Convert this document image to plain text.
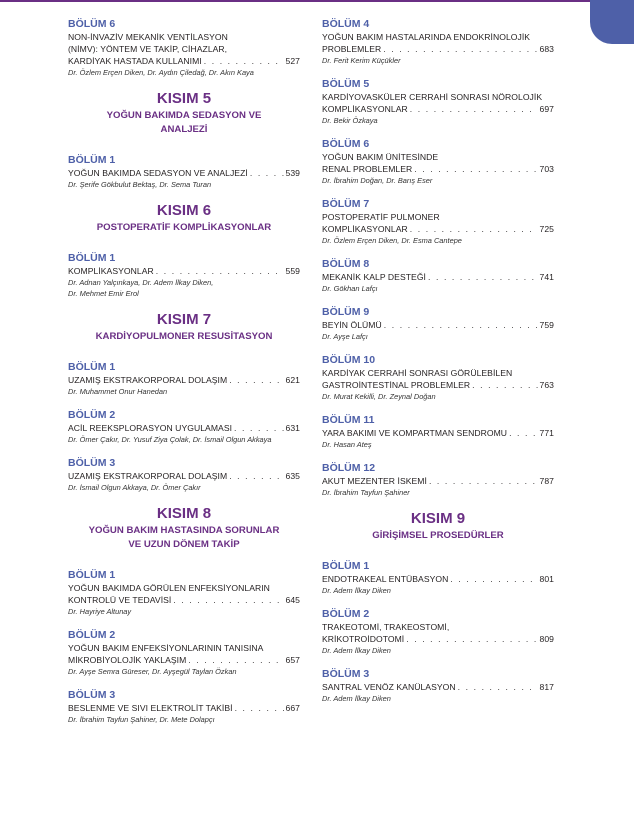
BÖLÜM 6
NON-İNVAZİV MEKANİK VENTİLASYON
(NİMV): YÖNTEM VE TAKİP, CİHAZLAR,
KARDİYAK HASTADA KULLANIMI . . .	527
Dr. Özlem Erçen Diken, Dr. Aydın Çiledağ, Dr. Akın Kaya
KISIM 5
YOĞUN BAKIMDA SEDASYON VE
ANALJEZİ
BÖLÜM 1
YOĞUN BAKIMDA SEDASYON VE ANALJEZİ . . .	539
Dr. Şerife Gökbulut Bektaş, Dr. Sema Turan
KISIM 6
POSTOPERATİF KOMPLİKASYONLAR
BÖLÜM 1
KOMPLİKASYONLAR . . .	559
Dr. Adnan Yalçınkaya, Dr. Adem İlkay Diken,
Dr. Mehmet Emir Erol
KISIM 7
KARDİYOPULMONER RESUSİTASYON
BÖLÜM 1
UZAMIŞ EKSTRAKORPORAL DOLAŞIM . . .	621
Dr. Muhammet Onur Hanedan
BÖLÜM 2
ACİL REEKSPLORASYON UYGULAMASI . . .	631
Dr. Ömer Çakır, Dr. Yusuf Ziya Çolak, Dr. İsmail Olgun Akkaya
BÖLÜM 3
UZAMIŞ EKSTRAKORPORAL DOLAŞIM . . .	635
Dr. İsmail Olgun Akkaya, Dr. Ömer Çakır
KISIM 8
YOĞUN BAKIM HASTASINDA SORUNLAR
VE UZUN DÖNEM TAKİP
BÖLÜM 1
YOĞUN BAKIMDA GÖRÜLEN ENFEKSİYONLARIN
KONTROLÜ VE TEDAVİSİ . . .	645
Dr. Hayriye Altunay
BÖLÜM 2
YOĞUN BAKIM ENFEKSİYONLARININ TANISINA
MİKROBİYOLOJİK YAKLAŞIM . . .	657
Dr. Ayşe Semra Güreser, Dr. Ayşegül Taylan Özkan
BÖLÜM 3
BESLENME VE SIVI ELEKTROLİT TAKİBİ . . .	667
Dr. İbrahim Tayfun Şahiner, Dr. Mete Dolapçı
BÖLÜM 4
YOĞUN BAKIM HASTALARINDA ENDOKRİNOLOJİK
PROBLEMLER . . .	683
Dr. Ferit Kerim Küçükler
BÖLÜM 5
KARDİYOVASKÜLER CERRAHİ SONRASI NÖROLOJİK
KOMPLİKASYONLAR . . .	697
Dr. Bekir Özkaya
BÖLÜM 6
YOĞUN BAKIM ÜNİTESİNDE
RENAL PROBLEMLER . . .	703
Dr. İbrahim Doğan, Dr. Barış Eser
BÖLÜM 7
POSTOPERATİF PULMONER
KOMPLİKASYONLAR . . .	725
Dr. Özlem Erçen Diken, Dr. Esma Cantepe
BÖLÜM 8
MEKANİK KALP DESTEĞİ . . .	741
Dr. Gökhan Lafçı
BÖLÜM 9
BEYİN ÖLÜMÜ . . .	759
Dr. Ayşe Lafçı
BÖLÜM 10
KARDİYAK CERRAHİ SONRASI GÖRÜLEBİLEN
GASTROİNTESTİNAL PROBLEMLER . . .	763
Dr. Murat Kekilli, Dr. Zeynal Doğan
BÖLÜM 11
YARA BAKIMI VE KOMPARTMAN SENDROMU . . .	771
Dr. Hasan Ateş
BÖLÜM 12
AKUT MEZENTER İSKEMİ . . .	787
Dr. İbrahim Tayfun Şahiner
KISIM 9
GİRİŞİMSEL PROSEDÜRLER
BÖLÜM 1
ENDOTRAKEAL ENTÜBASYON . . .	801
Dr. Adem İlkay Diken
BÖLÜM 2
TRAKEOTOMİ, TRAKEOSTOMİ,
KRİKOTROİDOTOMİ . . .	809
Dr. Adem İlkay Diken
BÖLÜM 3
SANTRAL VENÖZ KANÜLASYON . . .	817
Dr. Adem İlkay Diken
